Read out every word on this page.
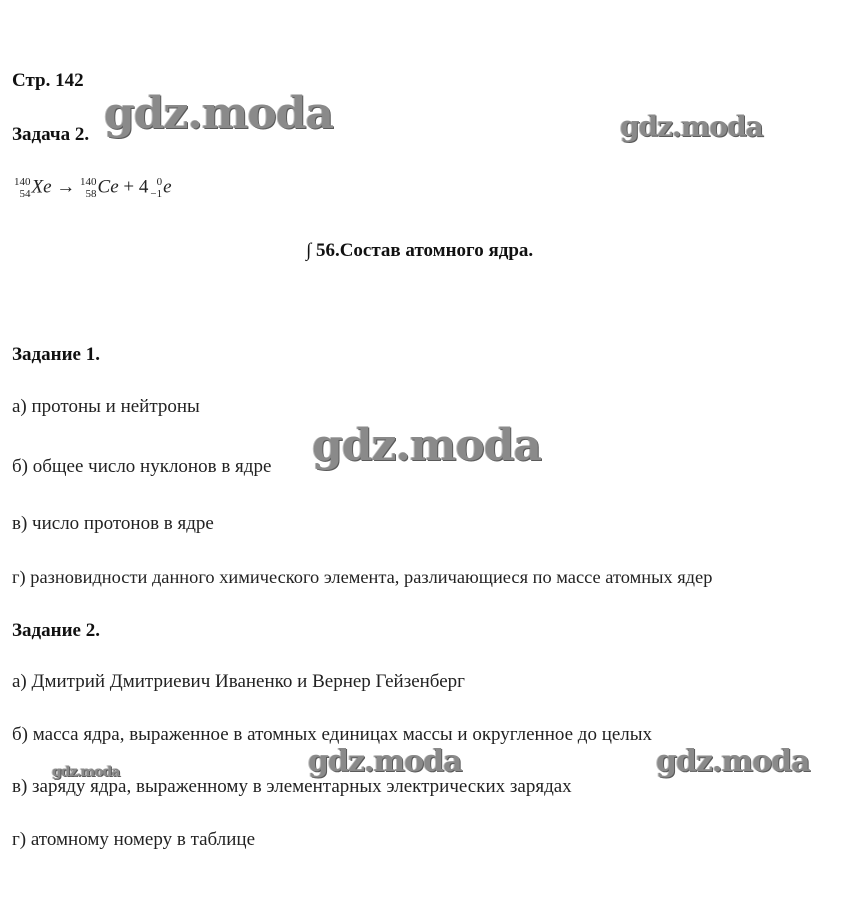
Стр. 142
Задача 2.
140
54 Xe → 140
58 Ce + 4 0
−1 e
∫ 56.Состав атомного ядра.
Задание 1.
а) протоны и нейтроны
б) общее число нуклонов в ядре
в) число протонов в ядре
г) разновидности данного химического элемента, различающиеся по массе атомных ядер
Задание 2.
а) Дмитрий Дмитриевич Иваненко и Вернер Гейзенберг
б) масса ядра, выраженное в атомных единицах массы и округленное до целых
в) заряду ядра, выраженному в элементарных электрических зарядах
г) атомному номеру в таблице
gdz.moda	gdz.moda
gdz.moda
gdz.moda	gdz.moda	gdz.moda
